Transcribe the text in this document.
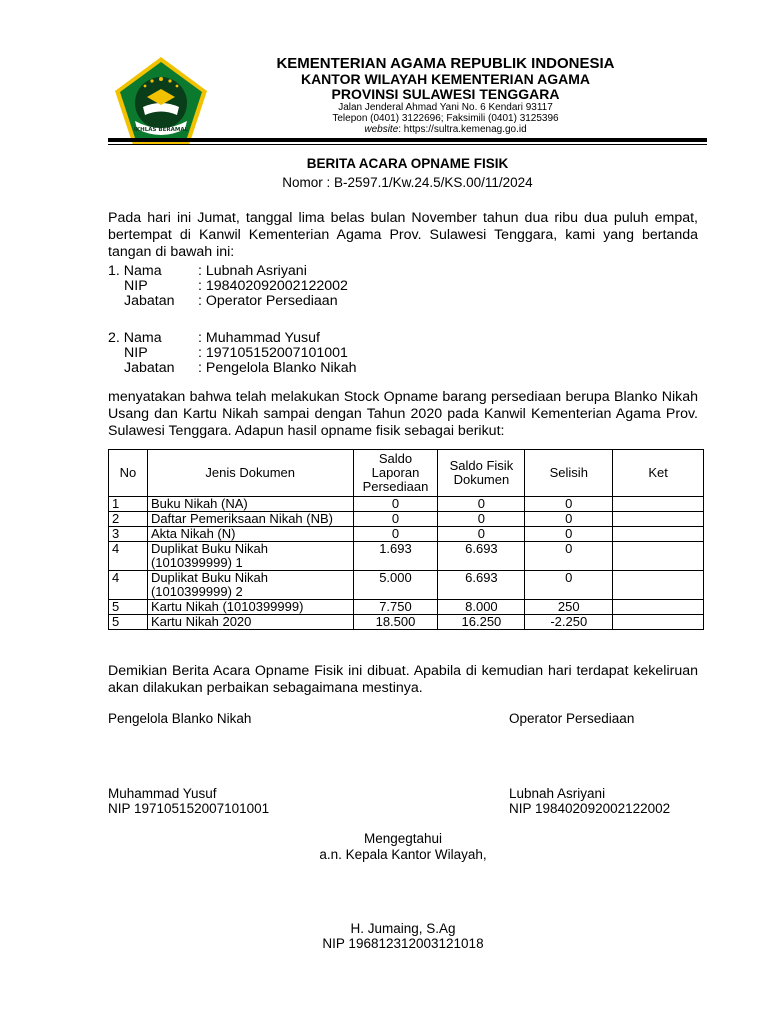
IKHLAS BERAMAL
KEMENTERIAN AGAMA REPUBLIK INDONESIA
KANTOR WILAYAH KEMENTERIAN AGAMA
PROVINSI SULAWESI TENGGARA
Jalan Jenderal Ahmad Yani No. 6 Kendari 93117
Telepon (0401) 3122696; Faksimili (0401) 3125396
website: https://sultra.kemenag.go.id
BERITA ACARA OPNAME FISIK
Nomor : B-2597.1/Kw.24.5/KS.00/11/2024
Pada hari ini Jumat, tanggal lima belas bulan November tahun dua ribu dua puluh empat, bertempat di Kanwil Kementerian Agama Prov. Sulawesi Tenggara, kami yang bertanda tangan di bawah ini:
1. Nama	: Lubnah Asriyani
NIP	: 198402092002122002
Jabatan : Operator Persediaan
2. Nama	: Muhammad Yusuf
NIP	: 197105152007101001
Jabatan : Pengelola Blanko Nikah
menyatakan bahwa telah melakukan Stock Opname barang persediaan berupa Blanko Nikah Usang dan Kartu Nikah sampai dengan Tahun 2020 pada Kanwil Kementerian Agama Prov. Sulawesi Tenggara. Adapun hasil opname fisik sebagai berikut:
No	Jenis Dokumen	Saldo Laporan Persediaan	Saldo Fisik Dokumen	Selisih	Ket
1	Buku Nikah (NA)	0	0	0	
2	Daftar Pemeriksaan Nikah (NB)	0	0	0	
3	Akta Nikah (N)	0	0	0	
4	Duplikat Buku Nikah (1010399999) 1	1.693	6.693	0	
4	Duplikat Buku Nikah (1010399999) 2	5.000	6.693	0	
5	Kartu Nikah (1010399999)	7.750	8.000	250	
5	Kartu Nikah 2020	18.500	16.250	-2.250	
Demikian Berita Acara Opname Fisik ini dibuat. Apabila di kemudian hari terdapat kekeliruan akan dilakukan perbaikan sebagaimana mestinya.
Pengelola Blanko Nikah	Operator Persediaan
Muhammad Yusuf
NIP 197105152007101001
Lubnah Asriyani
NIP 198402092002122002
Mengegtahui
a.n. Kepala Kantor Wilayah,
H. Jumaing, S.Ag
NIP 196812312003121018
